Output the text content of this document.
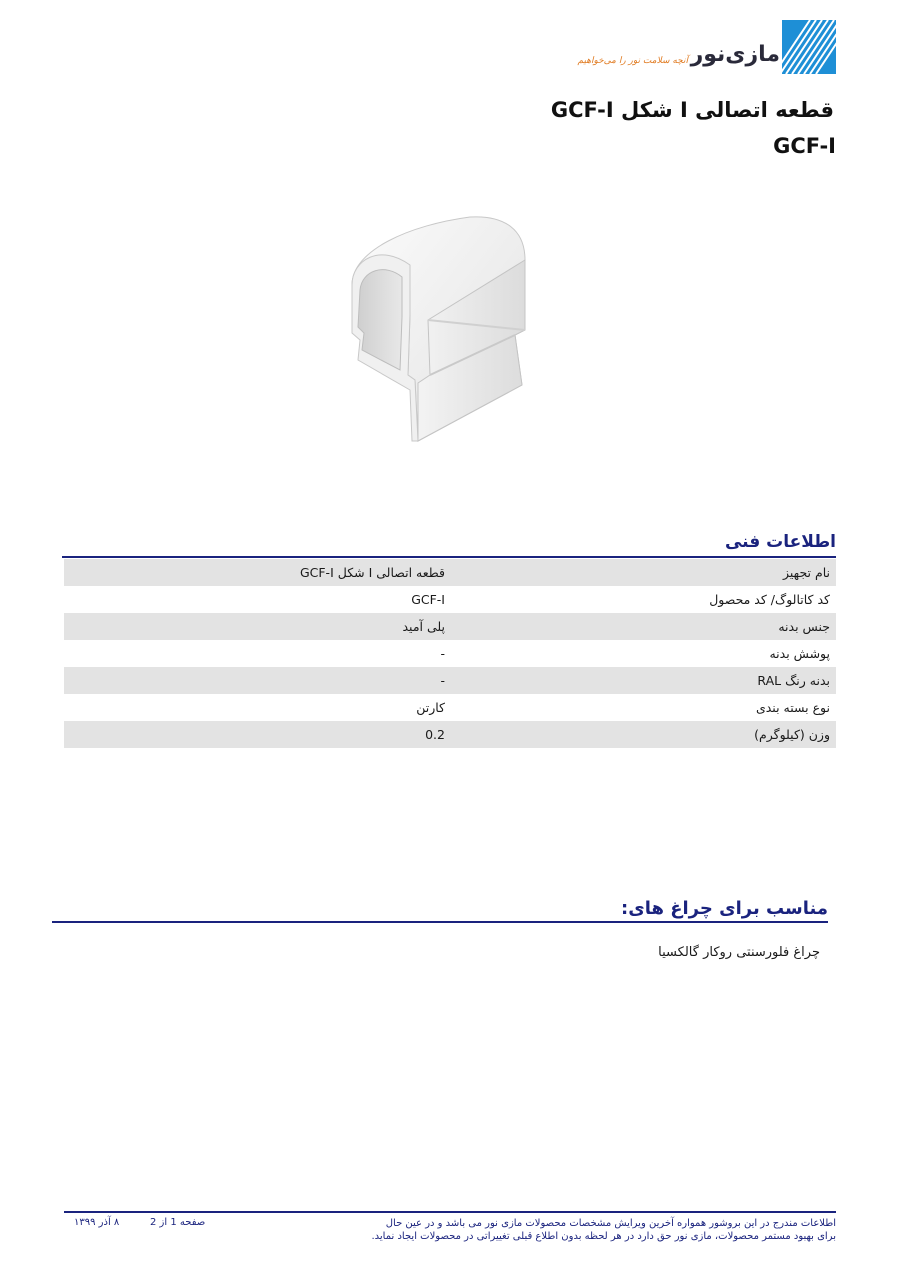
مازی‌نور
آنچه سلامت نور را می‌خواهیم
قطعه اتصالی I شکل GCF-I
GCF-I
اطلاعات فنی
نام تجهیز	قطعه اتصالی I شکل GCF-I
کد کاتالوگ/ کد محصول	GCF-I
جنس بدنه	پلی آمید
پوشش بدنه	-
بدنه رنگ RAL	-
نوع بسته بندی	کارتن
وزن (کیلوگرم)	0.2
مناسب برای چراغ های:
چراغ فلورسنتی روکار گالکسیا
اطلاعات مندرج در این بروشور همواره آخرین ویرایش مشخصات محصولات مازی نور می باشد و در عین حال برای بهبود مستمر محصولات، مازی نور حق دارد در هر لحظه بدون اطلاع قبلی تغییراتی در محصولات ایجاد نماید.
صفحه 1 از 2
۸ آذر ۱۳۹۹
